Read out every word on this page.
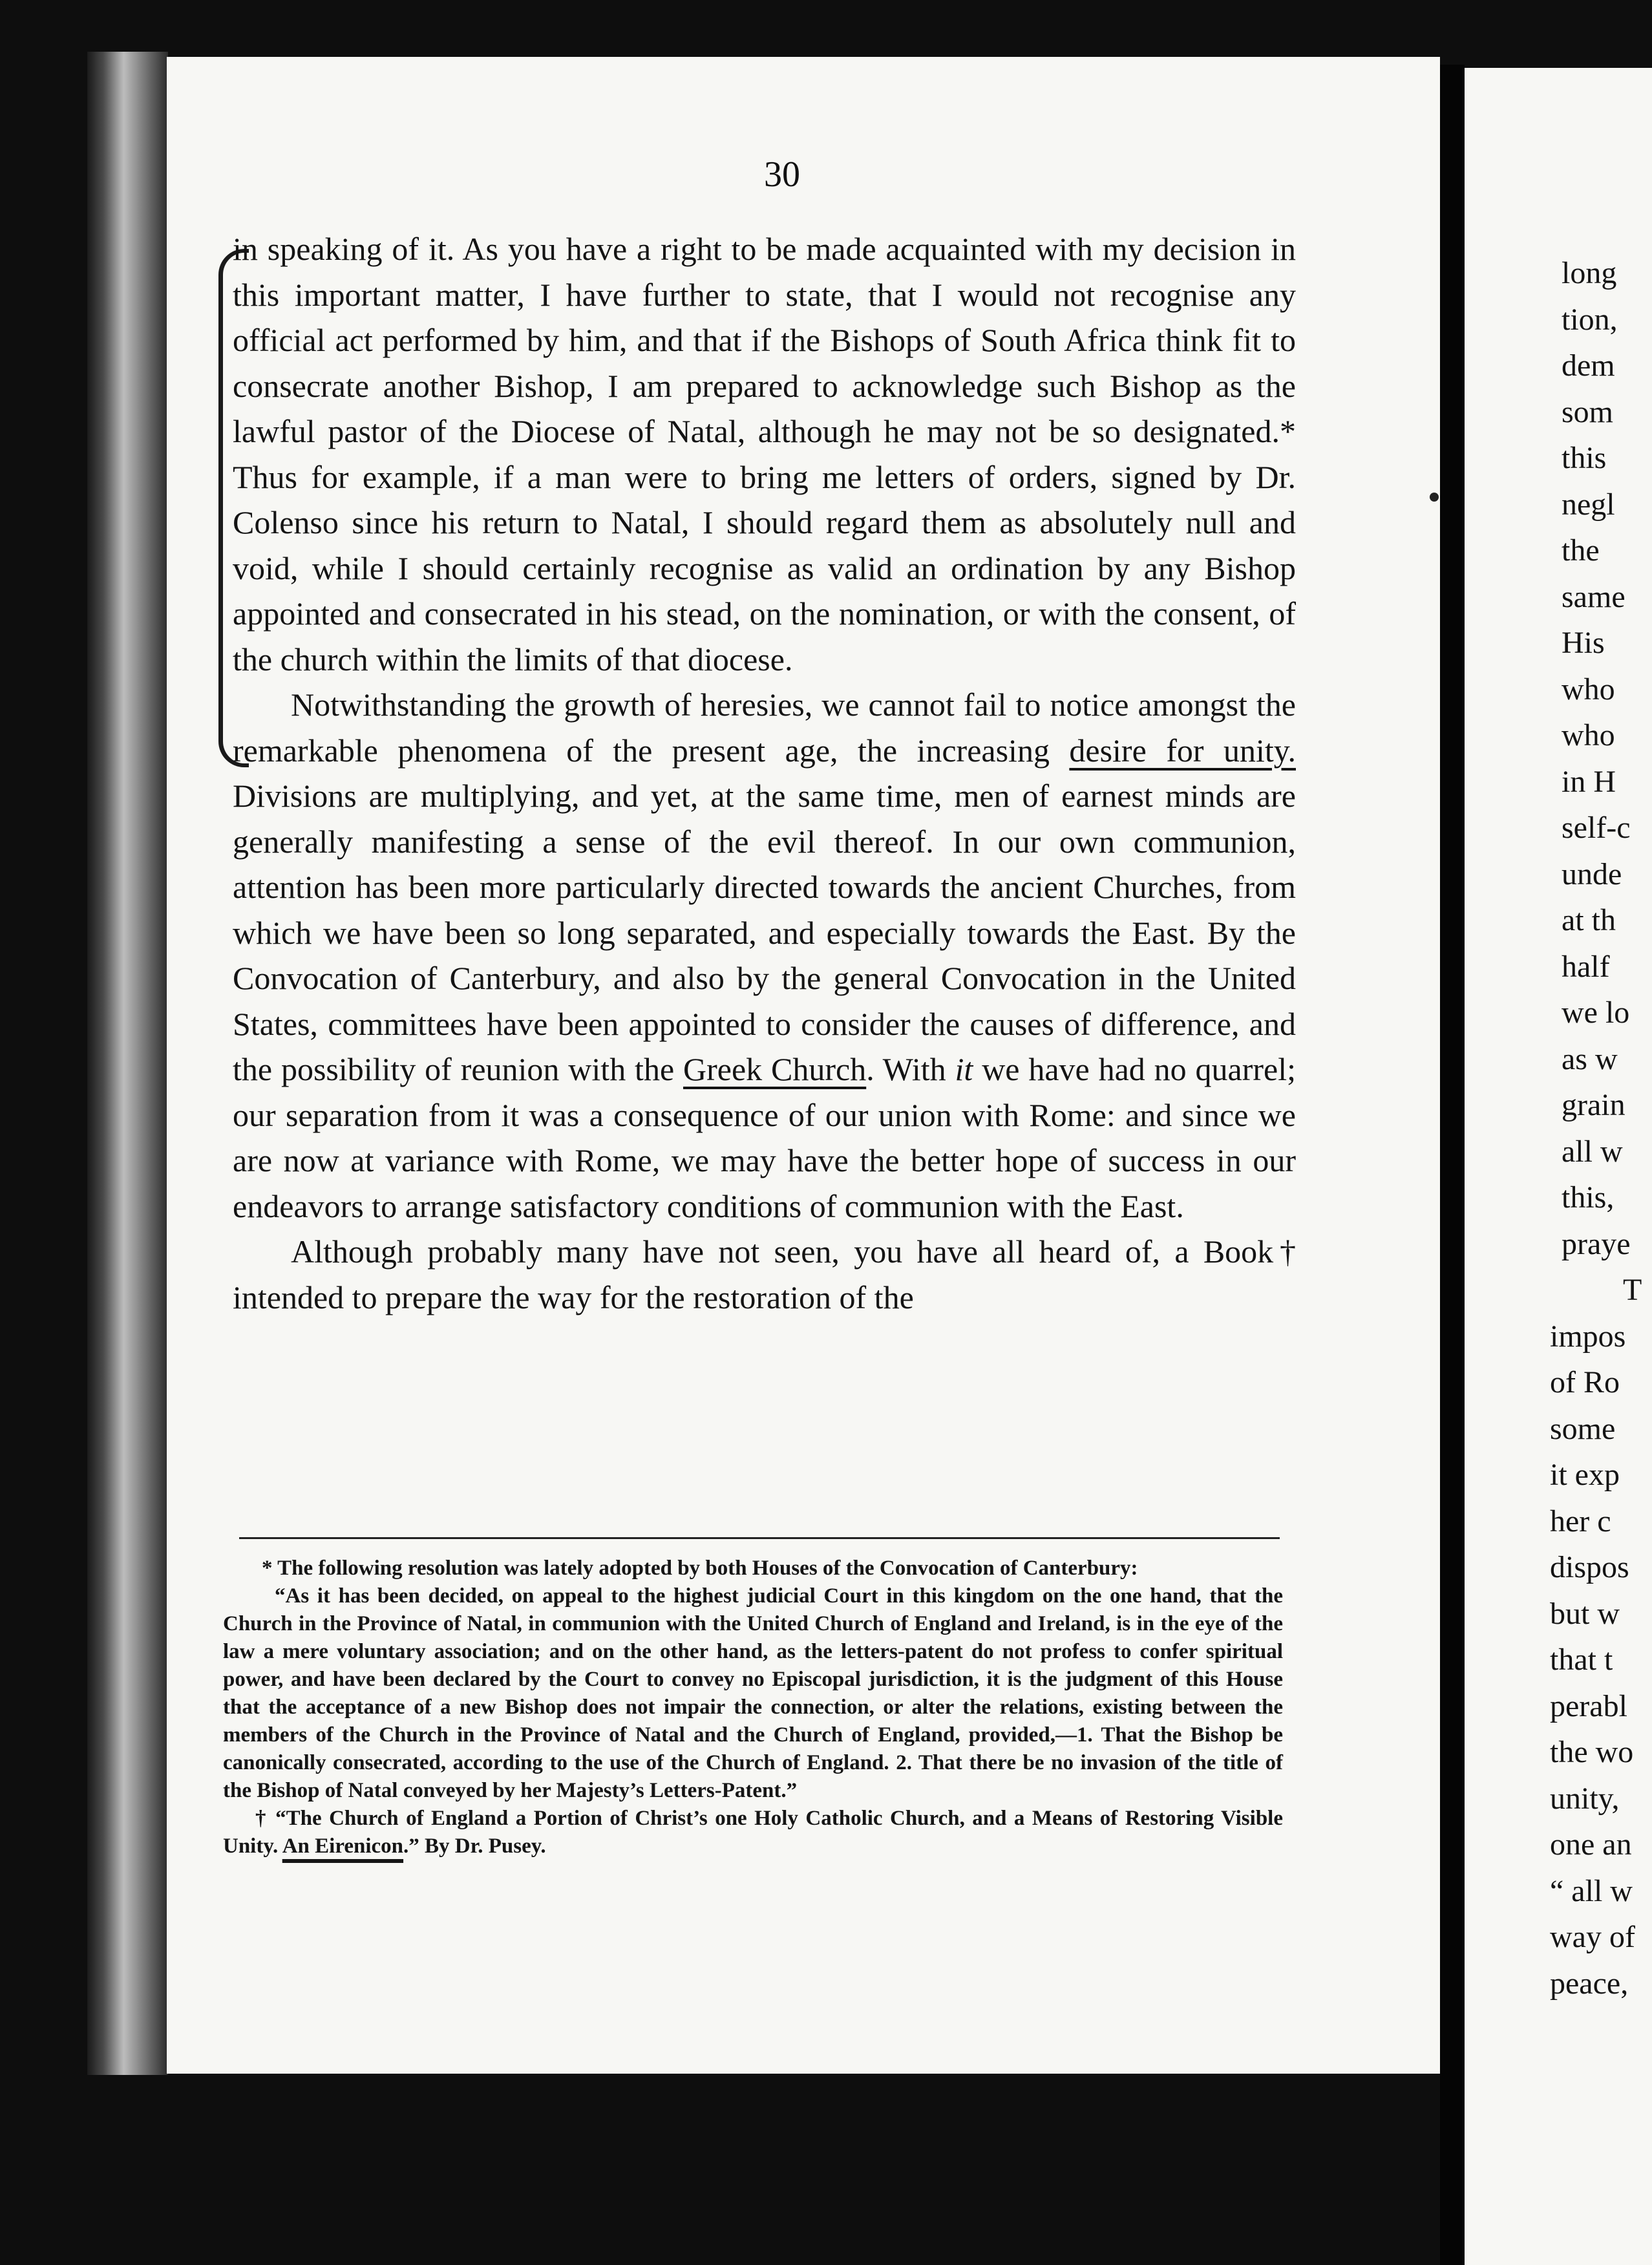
30

in speaking of it. As you have a right to be made acquainted with my decision in this important matter, I have further to state, that I would not recognise any official act performed by him, and that if the Bishops of South Africa think fit to consecrate another Bishop, I am prepared to acknowledge such Bishop as the lawful pastor of the Diocese of Natal, although he may not be so designated.* Thus for example, if a man were to bring me letters of orders, signed by Dr. Colenso since his return to Natal, I should regard them as absolutely null and void, while I should certainly recognise as valid an ordination by any Bishop appointed and consecrated in his stead, on the nomination, or with the consent, of the church within the limits of that diocese.

Notwithstanding the growth of heresies, we cannot fail to notice amongst the remarkable phenomena of the present age, the increasing desire for unity. Divisions are multiplying, and yet, at the same time, men of earnest minds are generally manifesting a sense of the evil thereof. In our own communion, attention has been more particularly directed towards the ancient Churches, from which we have been so long separated, and especially towards the East. By the Convocation of Canterbury, and also by the general Convocation in the United States, committees have been appointed to consider the causes of difference, and the possibility of reunion with the Greek Church. With it we have had no quarrel; our separation from it was a consequence of our union with Rome: and since we are now at variance with Rome, we may have the better hope of success in our endeavors to arrange satisfactory conditions of communion with the East.

Although probably many have not seen, you have all heard of, a Book† intended to prepare the way for the restoration of the

* The following resolution was lately adopted by both Houses of the Convocation of Canterbury:

“As it has been decided, on appeal to the highest judicial Court in this kingdom on the one hand, that the Church in the Province of Natal, in communion with the United Church of England and Ireland, is in the eye of the law a mere voluntary association; and on the other hand, as the letters-patent do not profess to confer spiritual power, and have been declared by the Court to convey no Episcopal jurisdiction, it is the judgment of this House that the acceptance of a new Bishop does not impair the connection, or alter the relations, existing between the members of the Church in the Province of Natal and the Church of England, provided,—1. That the Bishop be canonically consecrated, according to the use of the Church of England. 2. That there be no invasion of the title of the Bishop of Natal conveyed by her Majesty’s Letters-Patent.”

† “The Church of England a Portion of Christ’s one Holy Catholic Church, and a Means of Restoring Visible Unity. An Eirenicon.” By Dr. Pusey.

long
tion,
dem
som
this
negl
the
same
His
who
who
in H
self-c
unde
at th
half
we lo
as w
grain
all w
this,
praye
T
impos
of Ro
some
it exp
her c
dispos
but w
that t
perabl
the wo
unity,
one an
“ all w
way of
peace,
